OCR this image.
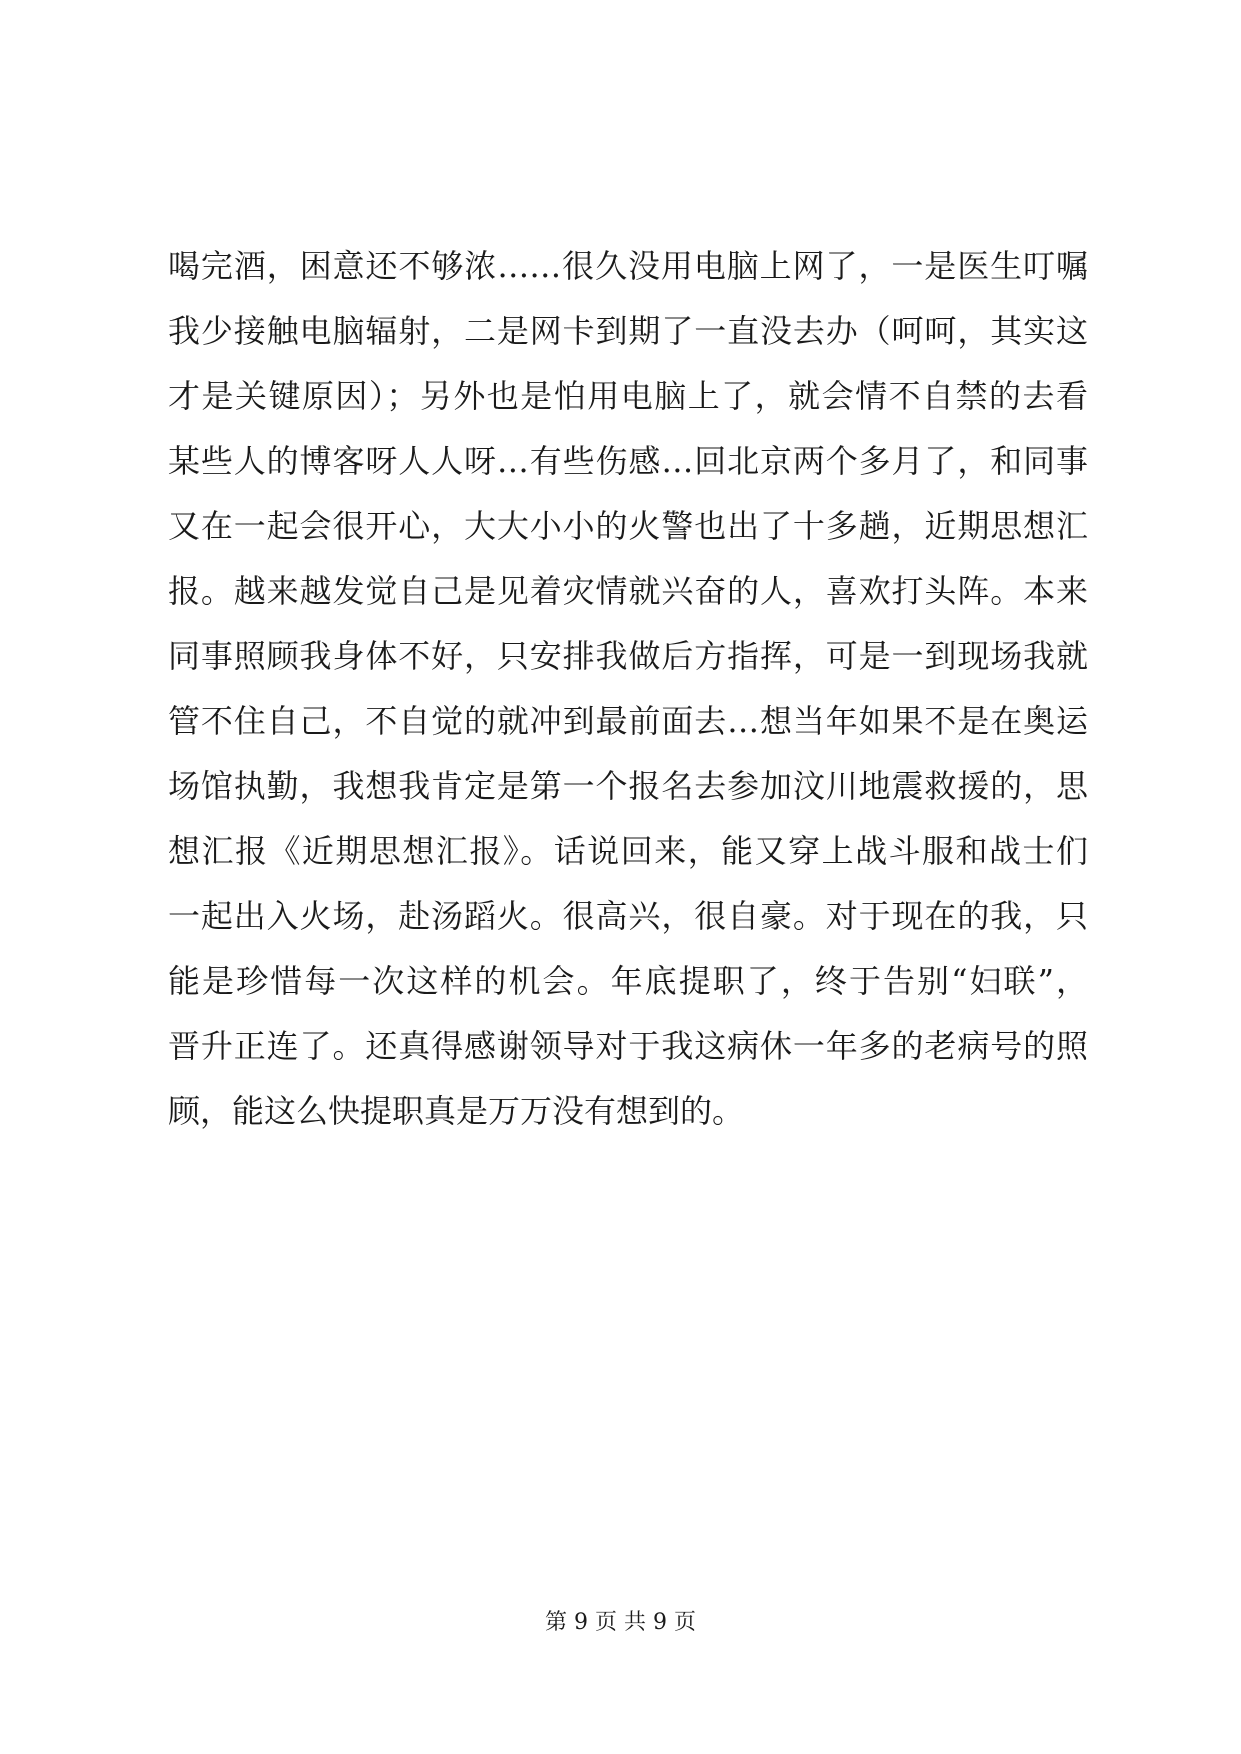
喝完酒，困意还不够浓……很久没用电脑上网了，一是医生叮嘱
我少接触电脑辐射，二是网卡到期了一直没去办（呵呵，其实这
才是关键原因）；另外也是怕用电脑上了，就会情不自禁的去看
某些人的博客呀人人呀…有些伤感…回北京两个多月了，和同事
又在一起会很开心，大大小小的火警也出了十多趟，近期思想汇
报。越来越发觉自己是见着灾情就兴奋的人，喜欢打头阵。本来
同事照顾我身体不好，只安排我做后方指挥，可是一到现场我就
管不住自己，不自觉的就冲到最前面去…想当年如果不是在奥运
场馆执勤，我想我肯定是第一个报名去参加汶川地震救援的，思
想汇报《近期思想汇报》。话说回来，能又穿上战斗服和战士们
一起出入火场，赴汤蹈火。很高兴，很自豪。对于现在的我，只
能是珍惜每一次这样的机会。年底提职了，终于告别“妇联”，
晋升正连了。还真得感谢领导对于我这病休一年多的老病号的照
顾，能这么快提职真是万万没有想到的。
第 9 页 共 9 页
